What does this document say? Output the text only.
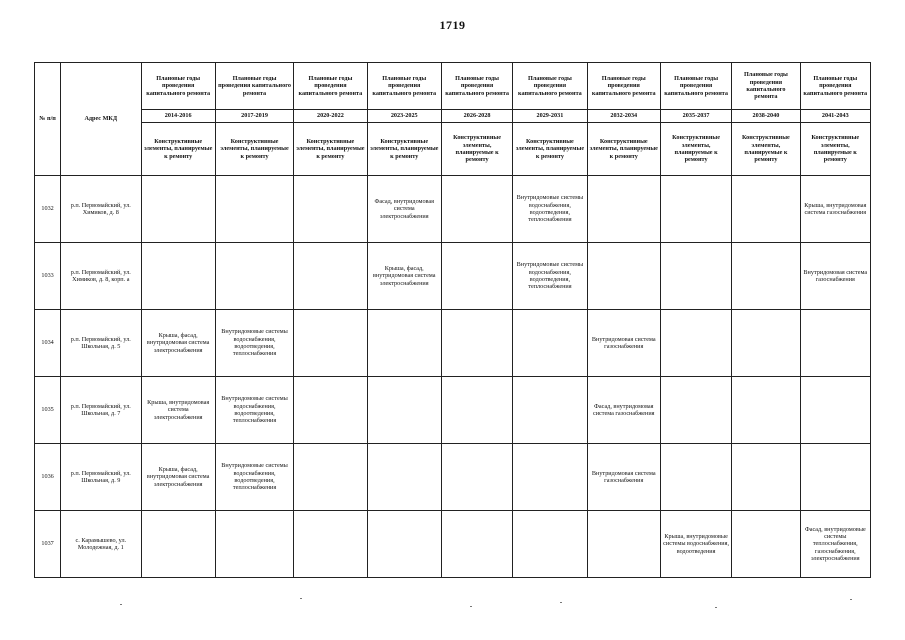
1719
№ п/п	Адрес МКД	Плановые годы проведения капитального ремонта	Плановые годы проведения капитального ремонта	Плановые годы проведения капитального ремонта	Плановые годы проведения капитального ремонта	Плановые годы проведения капитального ремонта	Плановые годы проведения капитального ремонта	Плановые годы проведения капитального ремонта	Плановые годы проведения капитального ремонта	Плановые годы проведения капитального ремонта	Плановые годы проведения капитального ремонта
		2014-2016	2017-2019	2020-2022	2023-2025	2026-2028	2029-2031	2032-2034	2035-2037	2038-2040	2041-2043
		Конструктивные элементы, планируемые к ремонту	Конструктивные элементы, планируемые к ремонту	Конструктивные элементы, планируемые к ремонту	Конструктивные элементы, планируемые к ремонту	Конструктивные элементы, планируемые к ремонту	Конструктивные элементы, планируемые к ремонту	Конструктивные элементы, планируемые к ремонту	Конструктивные элементы, планируемые к ремонту	Конструктивные элементы, планируемые к ремонту	Конструктивные элементы, планируемые к ремонту
1032	р.п. Первомайский, ул. Химиков, д. 8				Фасад, внутридомовая система электроснабжения		Внутридомовые системы водоснабжения, водоотведения, теплоснабжения				Крыша, внутридомовая система газоснабжения
1033	р.п. Первомайский, ул. Химиков, д. 8, корп. а				Крыша, фасад, внутридомовая система электроснабжения		Внутридомовые системы водоснабжения, водоотведения, теплоснабжения				Внутридомовая система газоснабжения
1034	р.п. Первомайский, ул. Школьная, д. 5	Крыша, фасад, внутридомовая система электроснабжения	Внутридомовые системы водоснабжения, водоотведения, теплоснабжения					Внутридомовая система газоснабжения			
1035	р.п. Первомайский, ул. Школьная, д. 7	Крыша, внутридомовая система электроснабжения	Внутридомовые системы водоснабжения, водоотведения, теплоснабжения					Фасад, внутридомовая система газоснабжения			
1036	р.п. Первомайский, ул. Школьная, д. 9	Крыша, фасад, внутридомовая система электроснабжения	Внутридомовые системы водоснабжения, водоотведения, теплоснабжения					Внутридомовая система газоснабжения			
1037	с. Карамышево, ул. Молодежная, д. 1								Крыша, внутридомовые системы водоснабжения, водоотведения		Фасад, внутридомовые системы теплоснабжения, газоснабжения, электроснабжения
